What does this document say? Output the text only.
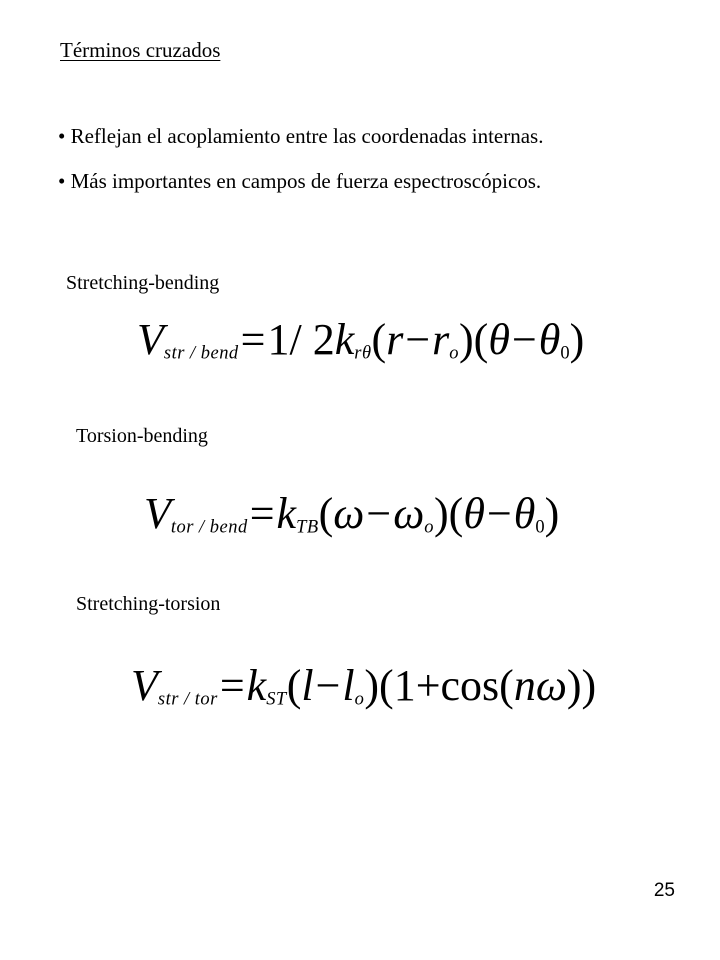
Términos cruzados
• Reflejan el acoplamiento entre las coordenadas internas.
• Más importantes en campos de fuerza espectroscópicos.
Stretching-bending
$V_{str / bend}=1/$ $2k_{r\theta}(r-r_o)(\theta-\theta 0)$
Torsion-bending
$V_{tor / bend}=k_{TB}(\omega-\omega_o)(\theta-\theta 0)$
Stretching-torsion
$V_{str / tor}=k_{ST}(l-l_o)(1+\cos(n\omega))$
25
